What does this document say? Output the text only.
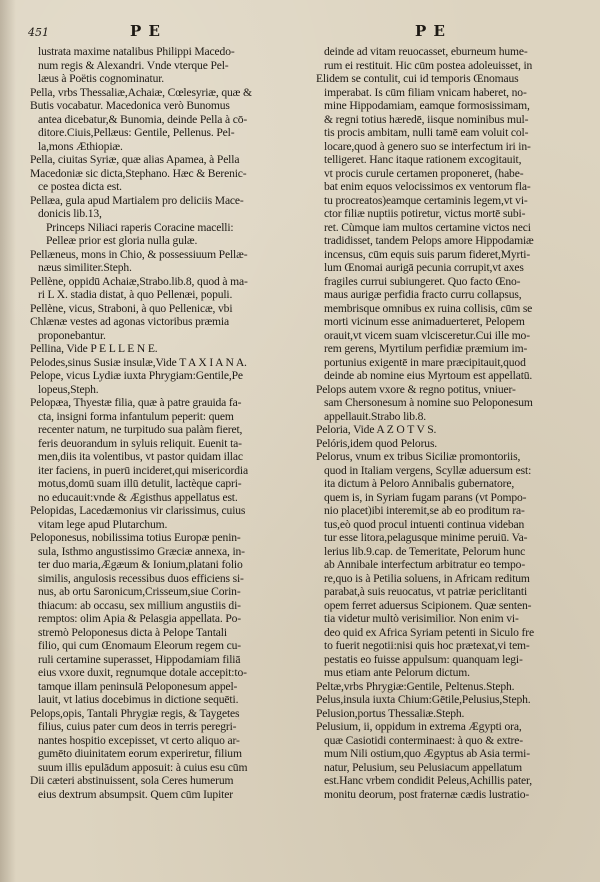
451	P E	P E
lustrata maxime natalibus Philippi Macedo-
num regis & Alexandri. Vnde vterque Pel-
læus à Poëtis cognominatur.
Pella, vrbs Thessaliæ,Achaiæ, Cœlesyriæ, quæ &
Butis vocabatur. Macedonica verò Bunomus
antea dicebatur,& Bunomia, deinde Pella à cō-
ditore.Ciuis,Pellæus: Gentile, Pellenus. Pel-
la,mons Æthiopiæ.
Pella, ciuitas Syriæ, quæ alias Apamea, à Pella
Macedoniæ sic dicta,Stephano. Hæc & Berenic-
ce postea dicta est.
Pellæa, gula apud Martialem pro deliciis Mace-
donicis lib.13,
Princeps Niliaci raperis Coracine macelli:
Pelleæ prior est gloria nulla gulæ.
Pellæneus, mons in Chio, & possessiuum Pellæ-
næus similiter.Steph.
Pellène, oppidū Achaiæ,Strabo.lib.8, quod à ma-
ri L X. stadia distat, à quo Pellenæi, populi.
Pellène, vicus, Straboni, à quo Pellenicæ, vbi
Chlænæ vestes ad agonas victoribus præmia
proponebantur.
Pellina, Vide P E L L E N E.
Pelodes,sinus Susiæ insulæ,Vide T A X I A N A.
Pelope, vicus Lydiæ iuxta Phrygiam:Gentile,Pe
lopeus,Steph.
Pelopæa, Thyestæ filia, quæ à patre grauida fa-
cta, insigni forma infantulum peperit: quem
recenter natum, ne turpitudo sua palàm fieret,
feris deuorandum in syluis reliquit. Euenit ta-
men,diis ita volentibus, vt pastor quidam illac
iter faciens, in puerū incideret,qui misericordia
motus,domū suam illū detulit, lactèque capri-
no educauit:vnde & Ægisthus appellatus est.
Pelopidas, Lacedæmonius vir clarissimus, cuius
vitam lege apud Plutarchum.
Peloponesus, nobilissima totius Europæ penin-
sula, Isthmo angustissimo Græciæ annexa, in-
ter duo maria,Ægæum & Ionium,platani folio
similis, angulosis recessibus duos efficiens si-
nus, ab ortu Saronicum,Crisseum,siue Corin-
thiacum: ab occasu, sex millium angustiis di-
remptos: olim Apia & Pelasgia appellata. Po-
stremò Peloponesus dicta à Pelope Tantali
filio, qui cum Œnomaum Eleorum regem cu-
ruli certamine superasset, Hippodamiam filiā
eius vxore duxit, regnumque dotale accepit:to-
tamque illam peninsulā Peloponesum appel-
lauit, vt latius docebimus in dictione sequēti.
Pelops,opis, Tantali Phrygiæ regis, & Taygetes
filius, cuius pater cum deos in terris peregri-
nantes hospitio excepisset, vt certo aliquo ar-
gumēto diuinitatem eorum experiretur, filium
suum illis epulādum apposuit: à cuius esu cūm
Dii cæteri abstinuissent, sola Ceres humerum
eius dextrum absumpsit. Quem cūm Iupiter
deinde ad vitam reuocasset, eburneum hume-
rum ei restituit. Hic cūm postea adoleuisset, in
Elidem se contulit, cui id temporis Œnomaus
imperabat. Is cūm filiam vnicam haberet, no-
mine Hippodamiam, eamque formosissimam,
& regni totius hæredē, iisque nominibus mul-
tis procis ambitam, nulli tamē eam voluit col-
locare,quod à genero suo se interfectum iri in-
telligeret. Hanc itaque rationem excogitauit,
vt procis curule certamen proponeret, (habe-
bat enim equos velocissimos ex ventorum fla-
tu procreatos)eamque certaminis legem,vt vi-
ctor filiæ nuptiis potiretur, victus mortē subi-
ret. Cùmque iam multos certamine victos neci
tradidisset, tandem Pelops amore Hippodamiæ
incensus, cūm equis suis parum fideret,Myrti-
lum Œnomai aurigā pecunia corrupit,vt axes
fragiles currui subiungeret. Quo facto Œno-
maus aurigæ perfidia fracto curru collapsus,
membrisque omnibus ex ruina collisis, cūm se
morti vicinum esse animaduerteret, Pelopem
orauit,vt vicem suam vlcisceretur.Cui ille mo-
rem gerens, Myrtilum perfidiæ præmium im-
portunius exigentē in mare præcipitauit,quod
deinde ab nomine eius Myrtoum est appellatū.
Pelops autem vxore & regno potitus, vniuer-
sam Chersonesum à nomine suo Peloponesum
appellauit.Strabo lib.8.
Peloria, Vide A Z O T V S.
Pelóris,idem quod Pelorus.
Pelorus, vnum ex tribus Siciliæ promontoriis,
quod in Italiam vergens, Scyllæ aduersum est:
ita dictum à Peloro Annibalis gubernatore,
quem is, in Syriam fugam parans (vt Pompo-
nio placet)ibi interemit,se ab eo proditum ra-
tus,eò quod procul intuenti continua videban
tur esse litora,pelagusque minime peruiū. Va-
lerius lib.9.cap. de Temeritate, Pelorum hunc
ab Annibale interfectum arbitratur eo tempo-
re,quo is à Petilia soluens, in Africam reditum
parabat,à suis reuocatus, vt patriæ periclitanti
opem ferret aduersus Scipionem. Quæ senten-
tia videtur multò verisimilior. Non enim vi-
deo quid ex Africa Syriam petenti in Siculo fre
to fuerit negotii:nisi quis hoc prætexat,vi tem-
pestatis eo fuisse appulsum: quanquam legi-
mus etiam ante Pelorum dictum.
Peltæ,vrbs Phrygiæ:Gentile, Peltenus.Steph.
Pelus,insula iuxta Chium:Gētile,Pelusius,Steph.
Pelusion,portus Thessaliæ.Steph.
Pelusium, ii, oppidum in extrema Ægypti ora,
quæ Casiotidi conterminaest: à quo & extre-
mum Nili ostium,quo Ægyptus ab Asia termi-
natur, Pelusium, seu Pelusiacum appellatum
est.Hanc vrbem condidit Peleus,Achillis pater,
monitu deorum, post fraternæ cædis lustratio-
